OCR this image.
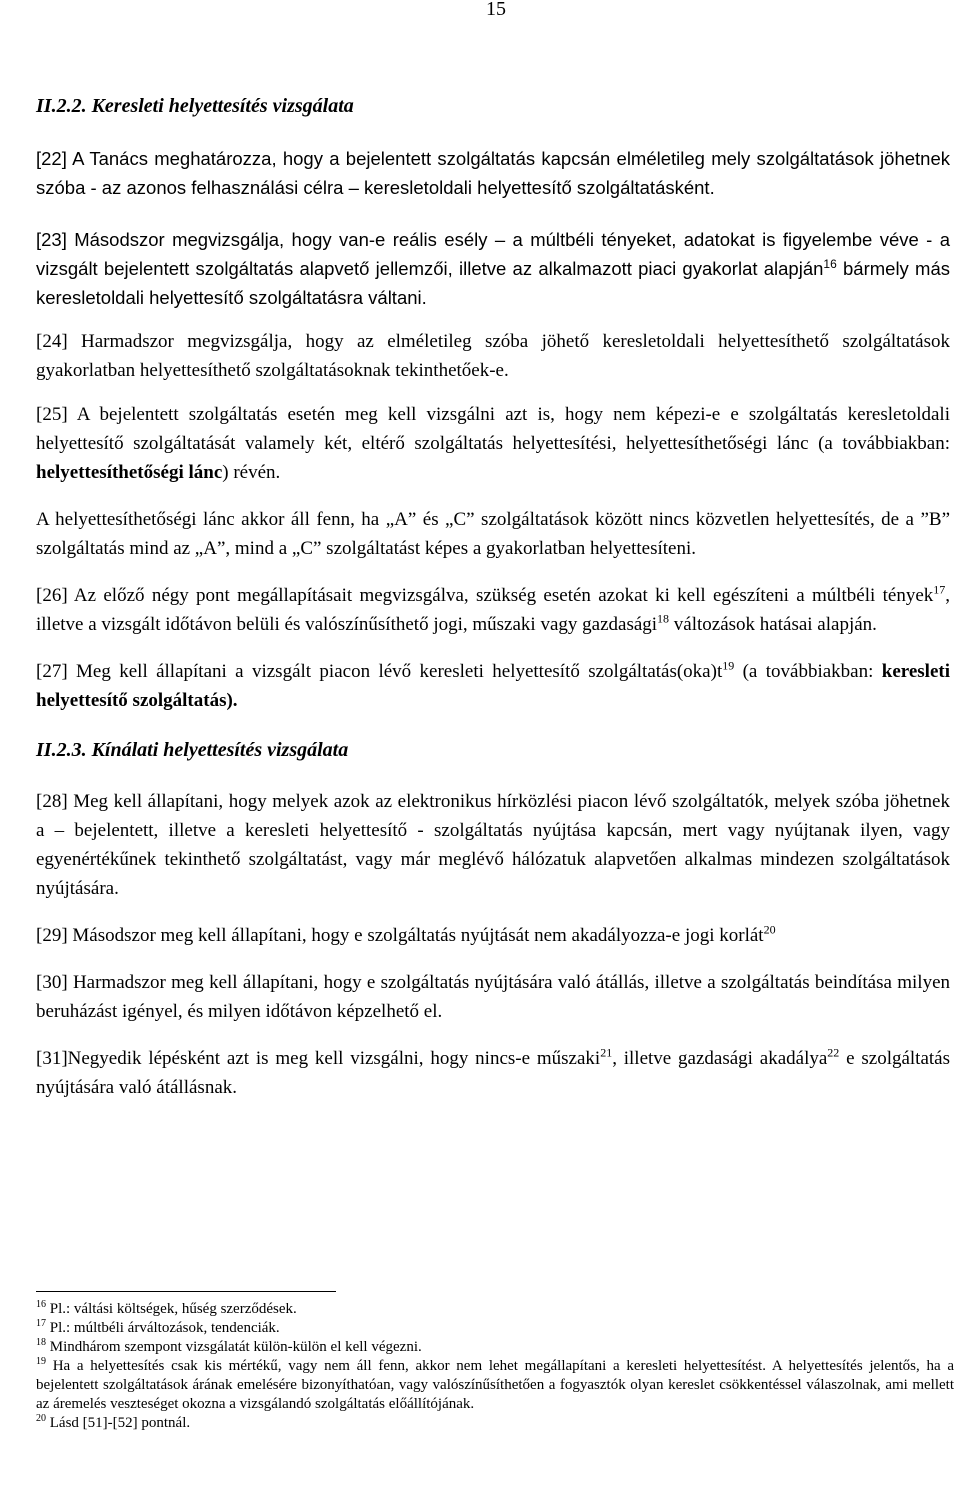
15

II.2.2. Keresleti helyettesítés vizsgálata

[22] A Tanács meghatározza, hogy a bejelentett szolgáltatás kapcsán elméletileg mely szolgáltatások jöhetnek szóba - az azonos felhasználási célra – keresletoldali helyettesítő szolgáltatásként.

[23] Másodszor megvizsgálja, hogy van-e reális esély – a múltbéli tényeket, adatokat is figyelembe véve - a vizsgált bejelentett szolgáltatás alapvető jellemzői, illetve az alkalmazott piaci gyakorlat alapján$^{16}$ bármely más keresletoldali helyettesítő szolgáltatásra váltani.

[24] Harmadszor megvizsgálja, hogy az elméletileg szóba jöhető keresletoldali helyettesíthető szolgáltatások gyakorlatban helyettesíthető szolgáltatásoknak tekinthetőek-e.

[25] A bejelentett szolgáltatás esetén meg kell vizsgálni azt is, hogy nem képezi-e e szolgáltatás keresletoldali helyettesítő szolgáltatását valamely két, eltérő szolgáltatás helyettesítési, helyettesíthetőségi lánc (a továbbiakban: helyettesíthetőségi lánc) révén.

A helyettesíthetőségi lánc akkor áll fenn, ha „A” és „C” szolgáltatások között nincs közvetlen helyettesítés, de a ”B” szolgáltatás mind az „A”, mind a „C” szolgáltatást képes a gyakorlatban helyettesíteni.

[26] Az előző négy pont megállapításait megvizsgálva, szükség esetén azokat ki kell egészíteni a múltbéli tények$^{17}$, illetve a vizsgált időtávon belüli és valószínűsíthető jogi, műszaki vagy gazdasági$^{18}$ változások hatásai alapján.

[27] Meg kell állapítani a vizsgált piacon lévő keresleti helyettesítő $szolgáltatás(oka)t^{19}$ (a továbbiakban: keresleti helyettesítő szolgáltatás).

II.2.3. Kínálati helyettesítés vizsgálata

[28] Meg kell állapítani, hogy melyek azok az elektronikus hírközlési piacon lévő szolgáltatók, melyek szóba jöhetnek a – bejelentett, illetve a keresleti helyettesítő - szolgáltatás nyújtása kapcsán, mert vagy nyújtanak ilyen, vagy egyenértékűnek tekinthető szolgáltatást, vagy már meglévő hálózatuk alapvetően alkalmas mindezen szolgáltatások nyújtására.

[29] Másodszor meg kell állapítani, hogy e szolgáltatás nyújtását nem akadályozza-e jogi korlát$^{20}$

[30] Harmadszor meg kell állapítani, hogy e szolgáltatás nyújtására való átállás, illetve a szolgáltatás beindítása milyen beruházást igényel, és milyen időtávon képzelhető el.

[31]Negyedik lépésként azt is meg kell vizsgálni, hogy nincs-e műszaki$^{21}$, illetve gazdasági akadálya$^{22}$ e szolgáltatás nyújtására való átállásnak.

$^{16}$ Pl.: váltási költségek, hűség szerződések.

$^{17}$ Pl.: múltbéli árváltozások, tendenciák.

$^{18}$ Mindhárom szempont vizsgálatát külön-külön el kell végezni.

$^{19}$ Ha a helyettesítés csak kis mértékű, vagy nem áll fenn, akkor nem lehet megállapítani a keresleti helyettesítést. A helyettesítés jelentős, ha a bejelentett szolgáltatások árának emelésére bizonyíthatóan, vagy valószínűsíthetően a fogyasztók olyan kereslet csökkentéssel válaszolnak, ami mellett az áremelés veszteséget okozna a vizsgálandó szolgáltatás előállítójának.

$^{20}$ Lásd [51]-[52] pontnál.
